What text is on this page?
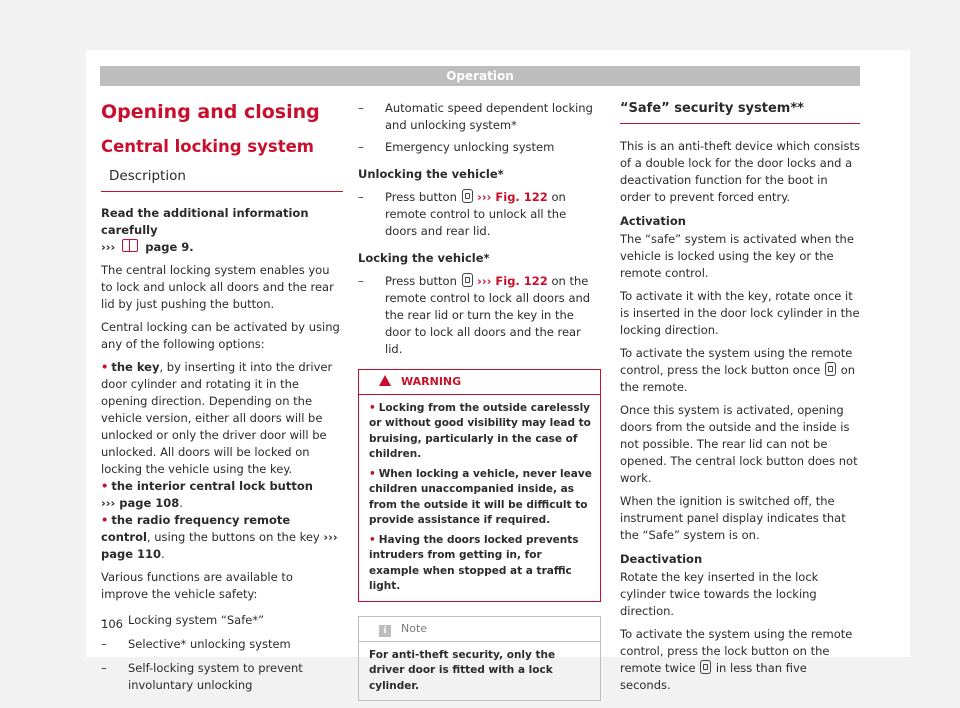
Operation
Opening and closing
Central locking system
Description

Read the additional information carefully
›››	page 9.

The central locking system enables you to lock and unlock all doors and the rear lid by just pushing the button.

Central locking can be activated by using any of the following options:

• the key, by inserting it into the driver door cylinder and rotating it in the opening direction. Depending on the vehicle version, either all doors will be unlocked or only the driver door will be unlocked. All doors will be locked on locking the vehicle using the key.

• the interior central lock button
››› page 108.

• the radio frequency remote control, using the buttons on the key ››› page 110.

Various functions are available to improve the vehicle safety:

– Locking system “Safe*”
– Selective* unlocking system
– Self-locking system to prevent involuntary unlocking
– Automatic speed dependent locking and unlocking system*
– Emergency unlocking system

Unlocking the vehicle*

– Press button ››› Fig. 122 on remote control to unlock all the doors and rear lid.

Locking the vehicle*

– Press button ››› Fig. 122 on the remote control to lock all doors and the rear lid or turn the key in the door to lock all doors and the rear lid.
WARNING

• Locking from the outside carelessly or without good visibility may lead to bruising, particularly in the case of children.

• When locking a vehicle, never leave children unaccompanied inside, as from the outside it will be difficult to provide assistance if required.

• Having the doors locked prevents intruders from getting in, for example when stopped at a traffic light.

i Note
For anti-theft security, only the driver door is fitted with a lock cylinder.
“Safe” security system**

This is an anti-theft device which consists of a double lock for the door locks and a deactivation function for the boot in order to prevent forced entry.

Activation

The “safe” system is activated when the vehicle is locked using the key or the remote control.

To activate it with the key, rotate once it is inserted in the door lock cylinder in the locking direction.

To activate the system using the remote control, press the lock button once on the remote.

Once this system is activated, opening doors from the outside and the inside is not possible. The rear lid can not be opened. The central lock button does not work.

When the ignition is switched off, the instrument panel display indicates that the “Safe” system is on.

Deactivation

Rotate the key inserted in the lock cylinder twice towards the locking direction.

To activate the system using the remote control, press the lock button on the remote twice in less than five seconds.

106
